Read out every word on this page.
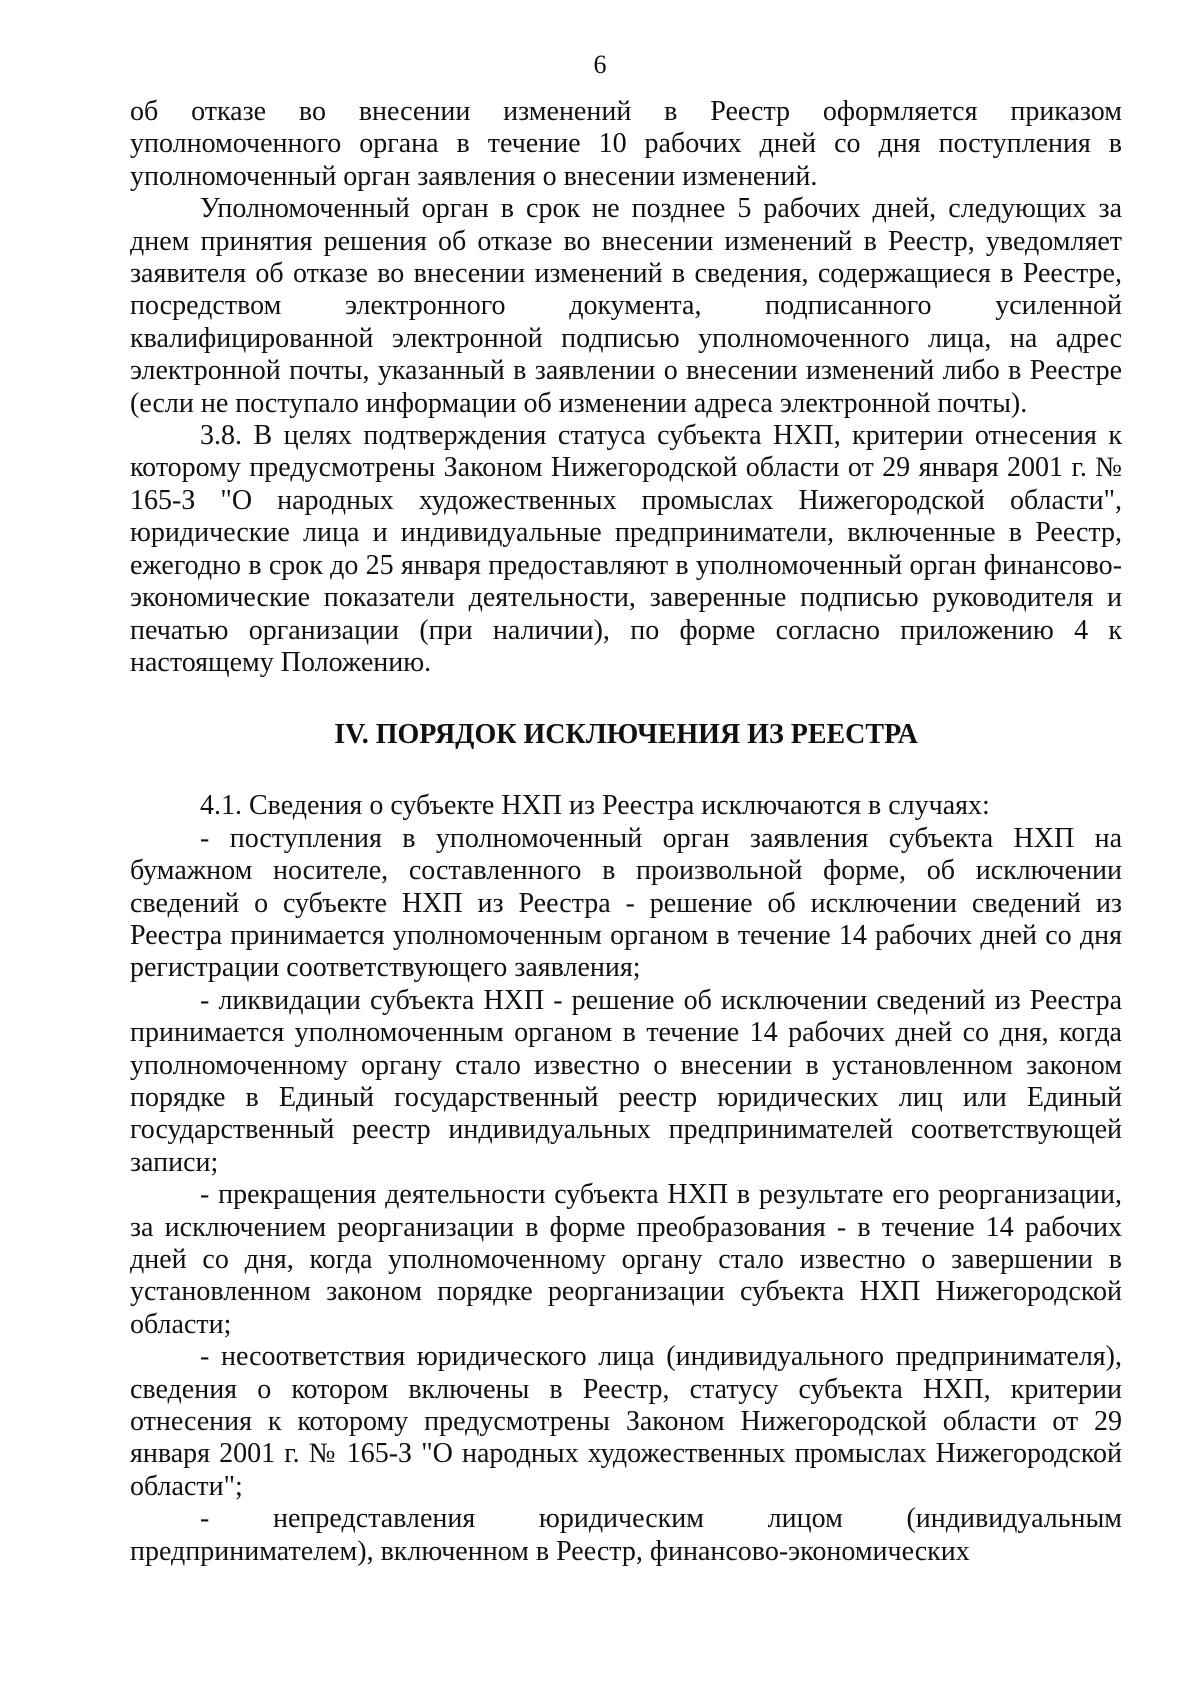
6

об отказе во внесении изменений в Реестр оформляется приказом уполномоченного органа в течение 10 рабочих дней со дня поступления в уполномоченный орган заявления о внесении изменений.

Уполномоченный орган в срок не позднее 5 рабочих дней, следующих за днем принятия решения об отказе во внесении изменений в Реестр, уведомляет заявителя об отказе во внесении изменений в сведения, содержащиеся в Реестре, посредством электронного документа, подписанного усиленной квалифицированной электронной подписью уполномоченного лица, на адрес электронной почты, указанный в заявлении о внесении изменений либо в Реестре (если не поступало информации об изменении адреса электронной почты).

3.8. В целях подтверждения статуса субъекта НХП, критерии отнесения к которому предусмотрены Законом Нижегородской области от 29 января 2001 г. № 165-З "О народных художественных промыслах Нижегородской области", юридические лица и индивидуальные предприниматели, включенные в Реестр, ежегодно в срок до 25 января предоставляют в уполномоченный орган финансово-экономические показатели деятельности, заверенные подписью руководителя и печатью организации (при наличии), по форме согласно приложению 4 к настоящему Положению.

IV. ПОРЯДОК ИСКЛЮЧЕНИЯ ИЗ РЕЕСТРА

4.1. Сведения о субъекте НХП из Реестра исключаются в случаях:

- поступления в уполномоченный орган заявления субъекта НХП на бумажном носителе, составленного в произвольной форме, об исключении сведений о субъекте НХП из Реестра - решение об исключении сведений из Реестра принимается уполномоченным органом в течение 14 рабочих дней со дня регистрации соответствующего заявления;

- ликвидации субъекта НХП - решение об исключении сведений из Реестра принимается уполномоченным органом в течение 14 рабочих дней со дня, когда уполномоченному органу стало известно о внесении в установленном законом порядке в Единый государственный реестр юридических лиц или Единый государственный реестр индивидуальных предпринимателей соответствующей записи;

- прекращения деятельности субъекта НХП в результате его реорганизации, за исключением реорганизации в форме преобразования - в течение 14 рабочих дней со дня, когда уполномоченному органу стало известно о завершении в установленном законом порядке реорганизации субъекта НХП Нижегородской области;

- несоответствия юридического лица (индивидуального предпринимателя), сведения о котором включены в Реестр, статусу субъекта НХП, критерии отнесения к которому предусмотрены Законом Нижегородской области от 29 января 2001 г. № 165-З "О народных художественных промыслах Нижегородской области";

- непредставления юридическим лицом (индивидуальным предпринимателем), включенном в Реестр, финансово-экономических
